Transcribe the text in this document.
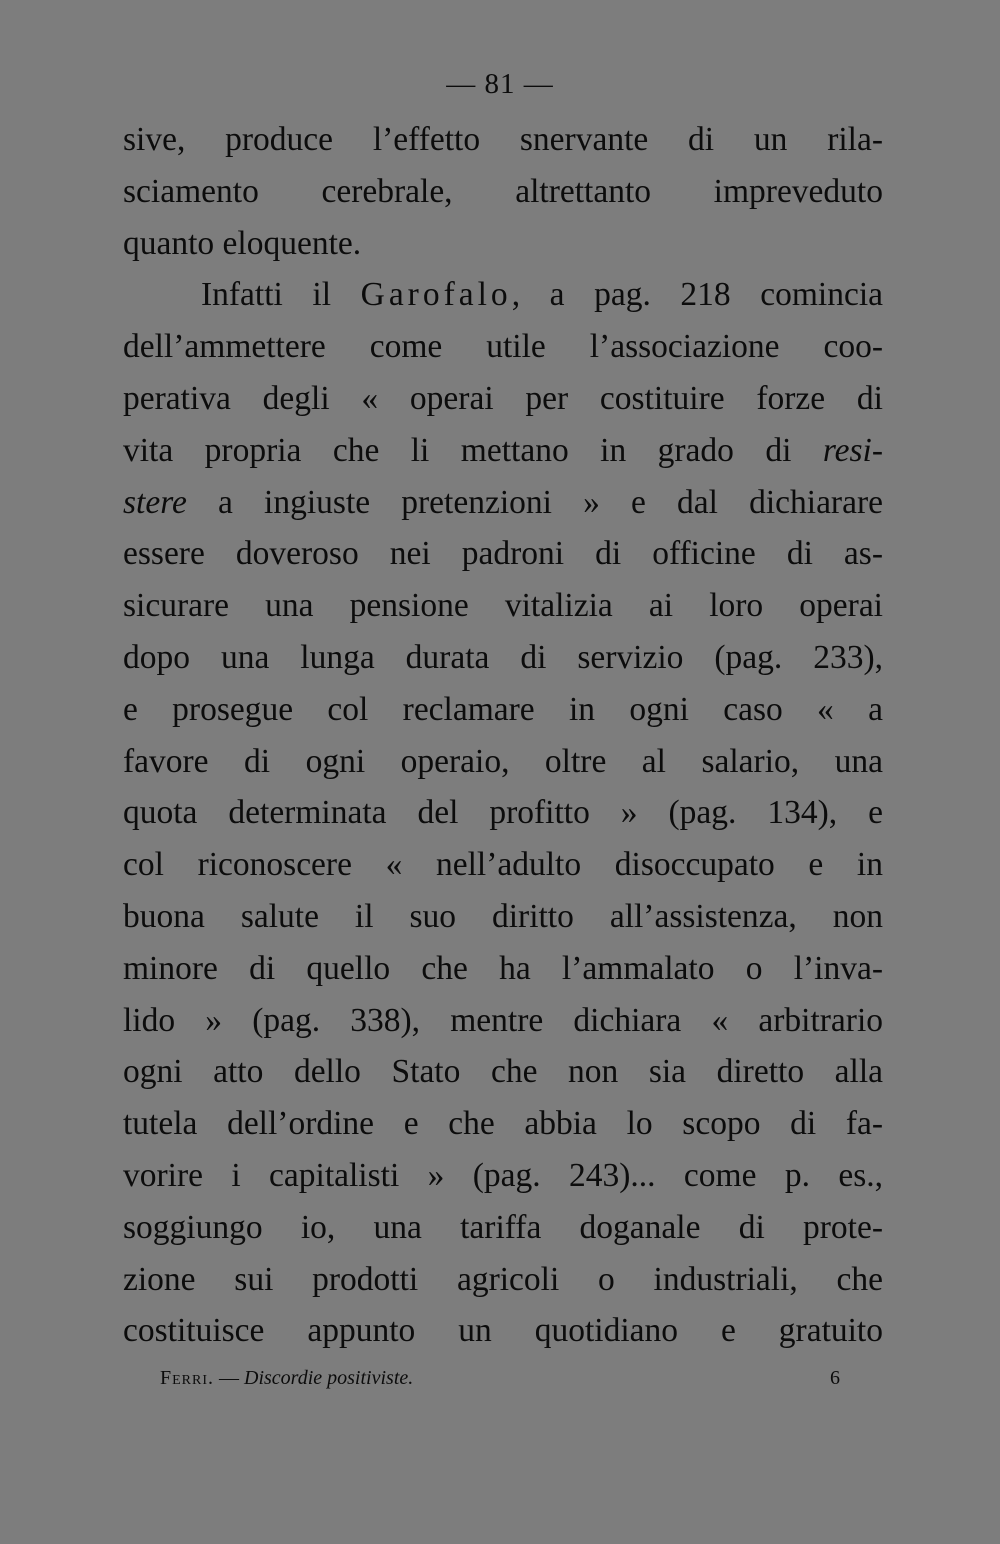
— 81 —
sive, produce l’effetto snervante di un rila-
sciamento cerebrale, altrettanto impreveduto
quanto eloquente.
Infatti il Garofalo, a pag. 218 comincia
dell’ammettere come utile l’associazione coo-
perativa degli « operai per costituire forze di
vita propria che li mettano in grado di resi-
stere a ingiuste pretenzioni » e dal dichiarare
essere doveroso nei padroni di officine di as-
sicurare una pensione vitalizia ai loro operai
dopo una lunga durata di servizio (pag. 233),
e prosegue col reclamare in ogni caso « a
favore di ogni operaio, oltre al salario, una
quota determinata del profitto » (pag. 134), e
col riconoscere « nell’adulto disoccupato e in
buona salute il suo diritto all’assistenza, non
minore di quello che ha l’ammalato o l’inva-
lido » (pag. 338), mentre dichiara « arbitrario
ogni atto dello Stato che non sia diretto alla
tutela dell’ordine e che abbia lo scopo di fa-
vorire i capitalisti » (pag. 243)... come p. es.,
soggiungo io, una tariffa doganale di prote-
zione sui prodotti agricoli o industriali, che
costituisce appunto un quotidiano e gratuito
Ferri. — Discordie positiviste.	6
